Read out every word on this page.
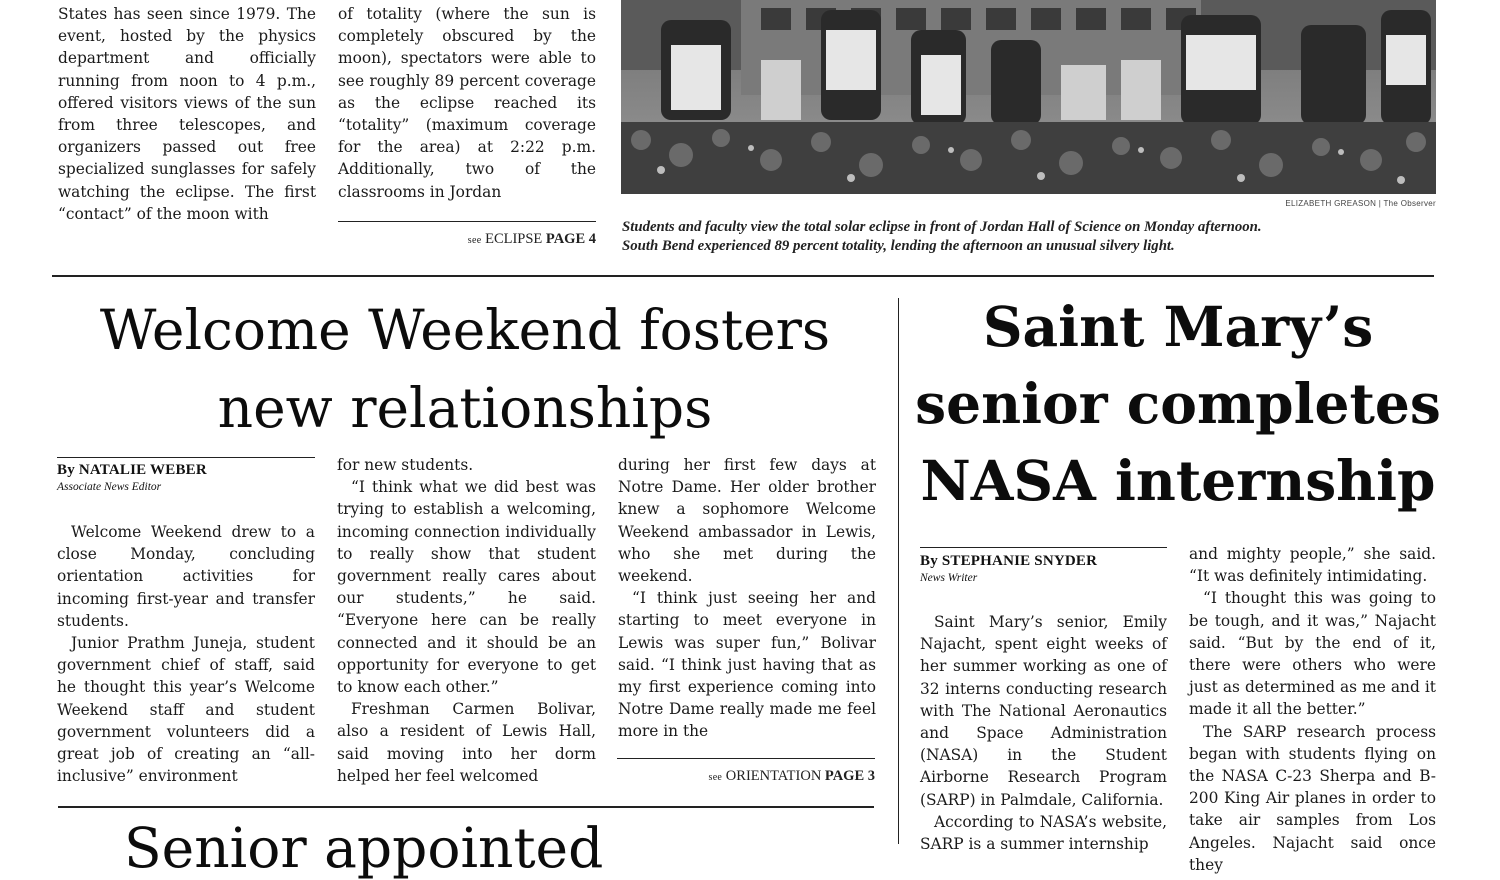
States has seen since 1979. The event, hosted by the physics department and officially running from noon to 4 p.m., offered visitors views of the sun from three telescopes, and organizers passed out free specialized sunglasses for safely watching the eclipse. The first “contact” of the moon with

of totality (where the sun is completely obscured by the moon), spectators were able to see roughly 89 percent coverage as the eclipse reached its “totality” (maximum coverage for the area) at 2:22 p.m. Additionally, two of the classrooms in Jordan

see ECLIPSE PAGE 4
ELIZABETH GREASON | The Observer
Students and faculty view the total solar eclipse in front of Jordan Hall of Science on Monday afternoon.
South Bend experienced 89 percent totality, lending the afternoon an unusual silvery light.
Welcome Weekend fosters
new relationships
By NATALIE WEBER
Associate News Editor

Welcome Weekend drew to a close Monday, concluding orientation activities for incoming first-year and transfer students.

Junior Prathm Juneja, student government chief of staff, said he thought this year’s Welcome Weekend staff and student government volunteers did a great job of creating an “all-inclusive” environment

for new students.

“I think what we did best was trying to establish a welcoming, incoming connection individually to really show that student government really cares about our students,” he said. “Everyone here can be really connected and it should be an opportunity for everyone to get to know each other.”

Freshman Carmen Bolivar, also a resident of Lewis Hall, said moving into her dorm helped her feel welcomed

during her first few days at Notre Dame. Her older brother knew a sophomore Welcome Weekend ambassador in Lewis, who she met during the weekend.

“I think just seeing her and starting to meet everyone in Lewis was super fun,” Bolivar said. “I think just having that as my first experience coming into Notre Dame really made me feel more in the

see ORIENTATION PAGE 3
Senior appointed
Saint Mary’s
senior completes
NASA internship
By STEPHANIE SNYDER
News Writer

Saint Mary’s senior, Emily Najacht, spent eight weeks of her summer working as one of 32 interns conducting research with The National Aeronautics and Space Administration (NASA) in the Student Airborne Research Program (SARP) in Palmdale, California.

According to NASA’s website, SARP is a summer internship

and mighty people,” she said. “It was definitely intimidating.

“I thought this was going to be tough, and it was,” Najacht said. “But by the end of it, there were others who were just as determined as me and it made it all the better.”

The SARP research process began with students flying on the NASA C-23 Sherpa and B-200 King Air planes in order to take air samples from Los Angeles. Najacht said once they
